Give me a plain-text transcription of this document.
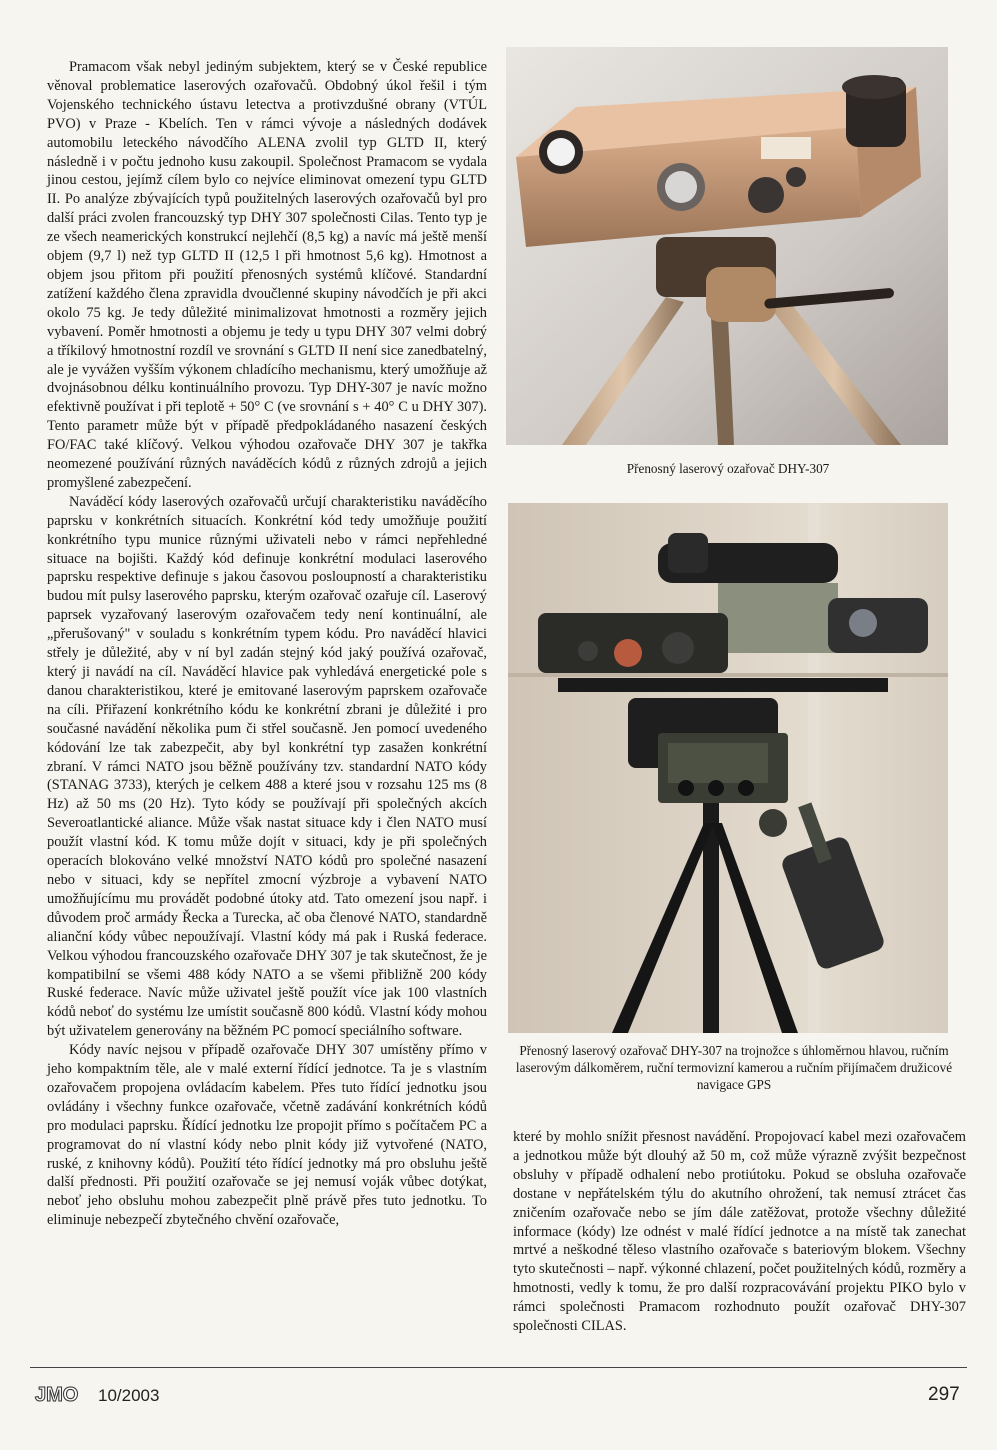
Pramacom však nebyl jediným subjektem, který se v České republice věnoval problematice laserových ozařovačů. Obdobný úkol řešil i tým Vojenského technického ústavu letectva a protivzdušné obrany (VTÚL PVO) v Praze - Kbelích. Ten v rámci vývoje a následných dodávek automobilu leteckého návodčího ALENA zvolil typ GLTD II, který následně i v počtu jednoho kusu zakoupil. Společnost Pramacom se vydala jinou cestou, jejímž cílem bylo co nejvíce eliminovat omezení typu GLTD II. Po analýze zbývajících typů použitelných laserových ozařovačů byl pro další práci zvolen francouzský typ DHY 307 společnosti Cilas. Tento typ je ze všech neamerických konstrukcí nejlehčí (8,5 kg) a navíc má ještě menší objem (9,7 l) než typ GLTD II (12,5 l při hmotnost 5,6 kg). Hmotnost a objem jsou přitom při použití přenosných systémů klíčové. Standardní zatížení každého člena zpravidla dvoučlenné skupiny návodčích je při akci okolo 75 kg. Je tedy důležité minimalizovat hmotnosti a rozměry jejich vybavení. Poměr hmotnosti a objemu je tedy u typu DHY 307 velmi dobrý a tříkilový hmotnostní rozdíl ve srovnání s GLTD II není sice zanedbatelný, ale je vyvážen vyšším výkonem chladícího mechanismu, který umožňuje až dvojnásobnou délku kontinuálního provozu. Typ DHY-307 je navíc možno efektivně používat i při teplotě + 50° C (ve srovnání s + 40° C u DHY 307). Tento parametr může být v případě předpokládaného nasazení českých FO/FAC také klíčový. Velkou výhodou ozařovače DHY 307 je takřka neomezené používání různých naváděcích kódů z různých zdrojů a jejich promyšlené zabezpečení.

Naváděcí kódy laserových ozařovačů určují charakteristiku naváděcího paprsku v konkrétních situacích. Konkrétní kód tedy umožňuje použití konkrétního typu munice různými uživateli nebo v rámci nepřehledné situace na bojišti. Každý kód definuje konkrétní modulaci laserového paprsku respektive definuje s jakou časovou posloupností a charakteristiku budou mít pulsy laserového paprsku, kterým ozařovač ozařuje cíl. Laserový paprsek vyzařovaný laserovým ozařovačem tedy není kontinuální, ale „přerušovaný" v souladu s konkrétním typem kódu. Pro naváděcí hlavici střely je důležité, aby v ní byl zadán stejný kód jaký používá ozařovač, který ji navádí na cíl. Naváděcí hlavice pak vyhledává energetické pole s danou charakteristikou, které je emitované laserovým paprskem ozařovače na cíli. Přiřazení konkrétního kódu ke konkrétní zbrani je důležité i pro současné navádění několika pum či střel současně. Jen pomocí uvedeného kódování lze tak zabezpečit, aby byl konkrétní typ zasažen konkrétní zbraní. V rámci NATO jsou běžně používány tzv. standardní NATO kódy (STANAG 3733), kterých je celkem 488 a které jsou v rozsahu 125 ms (8 Hz) až 50 ms (20 Hz). Tyto kódy se používají při společných akcích Severoatlantické aliance. Může však nastat situace kdy i člen NATO musí použít vlastní kód. K tomu může dojít v situaci, kdy je při společných operacích blokováno velké množství NATO kódů pro společné nasazení nebo v situaci, kdy se nepřítel zmocní výzbroje a vybavení NATO umožňujícímu mu provádět podobné útoky atd. Tato omezení jsou např. i důvodem proč armády Řecka a Turecka, ač oba členové NATO, standardně alianční kódy vůbec nepoužívají. Vlastní kódy má pak i Ruská federace. Velkou výhodou francouzského ozařovače DHY 307 je tak skutečnost, že je kompatibilní se všemi 488 kódy NATO a se všemi přibližně 200 kódy Ruské federace. Navíc může uživatel ještě použít více jak 100 vlastních kódů neboť do systému lze umístit současně 800 kódů. Vlastní kódy mohou být uživatelem generovány na běžném PC pomocí speciálního software.

Kódy navíc nejsou v případě ozařovače DHY 307 umístěny přímo v jeho kompaktním těle, ale v malé externí řídící jednotce. Ta je s vlastním ozařovačem propojena ovládacím kabelem. Přes tuto řídící jednotku jsou ovládány i všechny funkce ozařovače, včetně zadávání konkrétních kódů pro modulaci paprsku. Řídící jednotku lze propojit přímo s počítačem PC a programovat do ní vlastní kódy nebo plnit kódy již vytvořené (NATO, ruské, z knihovny kódů). Použití této řídící jednotky má pro obsluhu ještě další přednosti. Při použití ozařovače se jej nemusí voják vůbec dotýkat, neboť jeho obsluhu mohou zabezpečit plně právě přes tuto jednotku. To eliminuje nebezpečí zbytečného chvění ozařovače,

Přenosný laserový ozařovač DHY-307
Přenosný laserový ozařovač DHY-307 na trojnožce s úhloměrnou hlavou, ručním laserovým dálkoměrem, ruční termovizní kamerou a ručním přijímačem družicové navigace GPS

které by mohlo snížit přesnost navádění. Propojovací kabel mezi ozařovačem a jednotkou může být dlouhý až 50 m, což může výrazně zvýšit bezpečnost obsluhy v případě odhalení nebo protiútoku. Pokud se obsluha ozařovače dostane v nepřátelském týlu do akutního ohrožení, tak nemusí ztrácet čas zničením ozařovače nebo se jím dále zatěžovat, protože všechny důležité informace (kódy) lze odnést v malé řídící jednotce a na místě tak zanechat mrtvé a neškodné těleso vlastního ozařovače s bateriovým blokem. Všechny tyto skutečnosti – např. výkonné chlazení, počet použitelných kódů, rozměry a hmotnosti, vedly k tomu, že pro další rozpracovávání projektu PIKO bylo v rámci společnosti Pramacom rozhodnuto použít ozařovač DHY-307 společnosti CILAS.

JMO 10/2003	297
